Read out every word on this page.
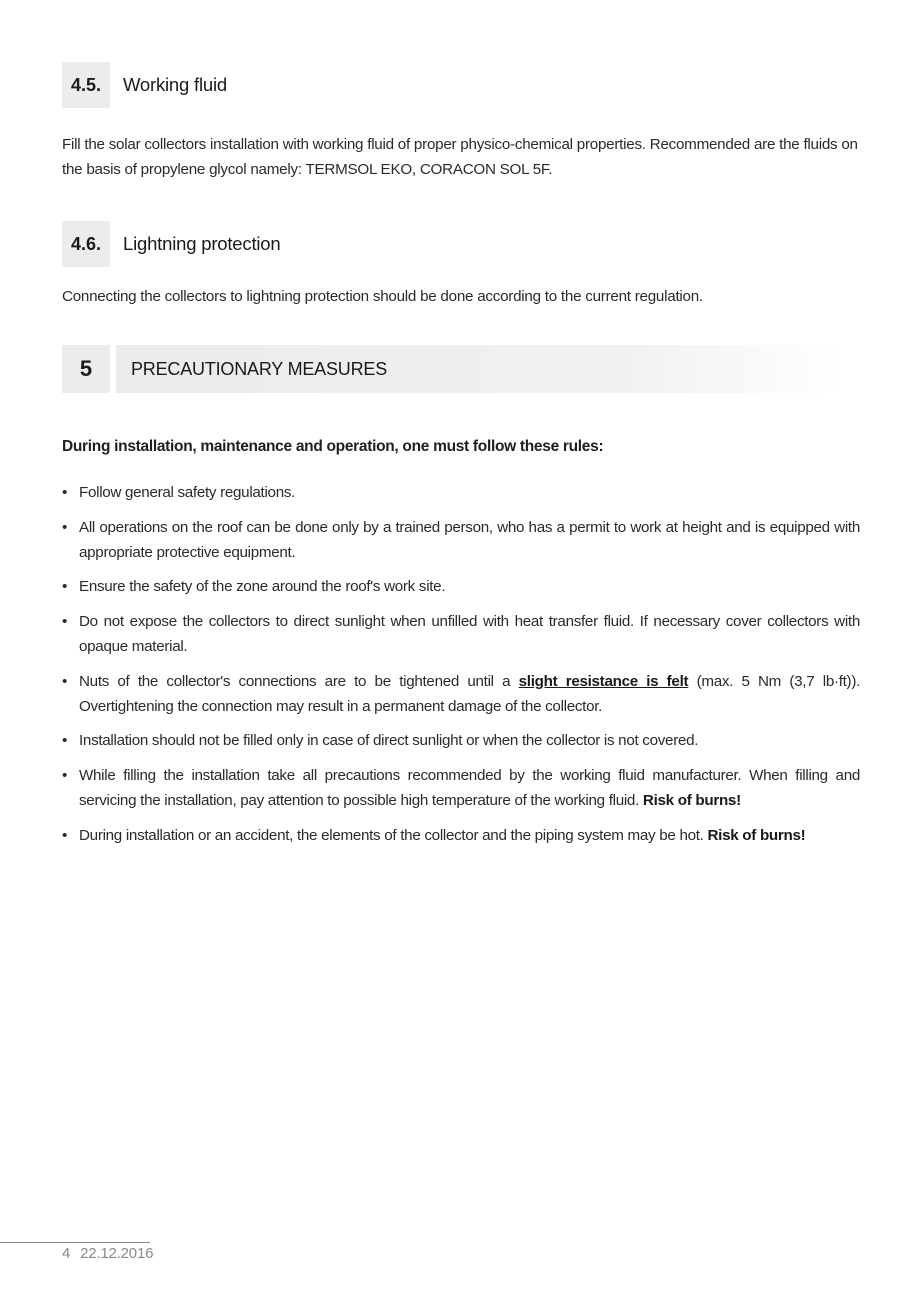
4.5.	Working fluid

Fill the solar collectors installation with working fluid of proper physico-chemical properties. Recommended are the fluids on the basis of propylene glycol namely: TERMSOL EKO, CORACON SOL 5F.

4.6.	Lightning protection

Connecting the collectors to lightning protection should be done according to the current regulation.

5	PRECAUTIONARY MEASURES

During installation, maintenance and operation, one must follow these rules:

• Follow general safety regulations.
• All operations on the roof can be done only by a trained person, who has a permit to work at height and is equipped with appropriate protective equipment.
• Ensure the safety of the zone around the roof's work site.
• Do not expose the collectors to direct sunlight when unfilled with heat transfer fluid. If necessary cover collectors with opaque material.
• Nuts of the collector's connections are to be tightened until a slight resistance is felt (max. 5 Nm (3,7 lb·ft)). Overtightening the connection may result in a permanent damage of the collector.
• Installation should not be filled only in case of direct sunlight or when the collector is not covered.
• While filling the installation take all precautions recommended by the working fluid manufacturer. When filling and servicing the installation, pay attention to possible high temperature of the working fluid. Risk of burns!
• During installation or an accident, the elements of the collector and the piping system may be hot. Risk of burns!
4 22.12.2016
